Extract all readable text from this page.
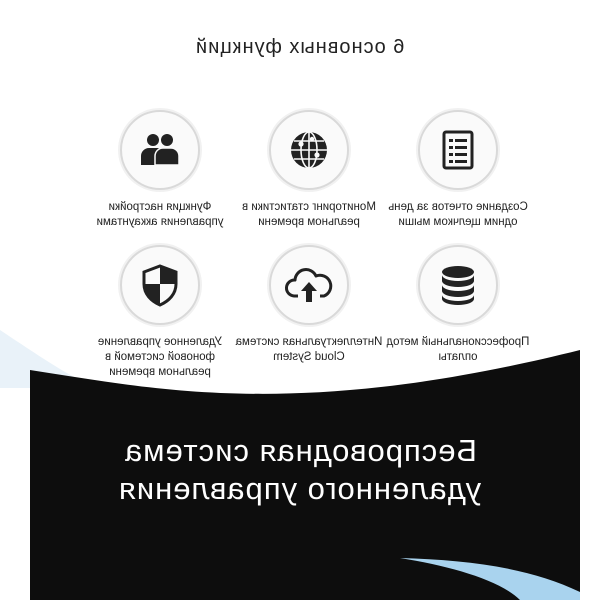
6 основных функций
Функция настройки управления аккаунтами
Мониторинг статистики в реальном времени
Создание отчетов за день одним щелчком мыши
Удаленное управление фоновой системой в реальном времени
Интеллектуальная система Cloud System
Профессиональный метод оплаты
Беспроводная система
удаленного управления
